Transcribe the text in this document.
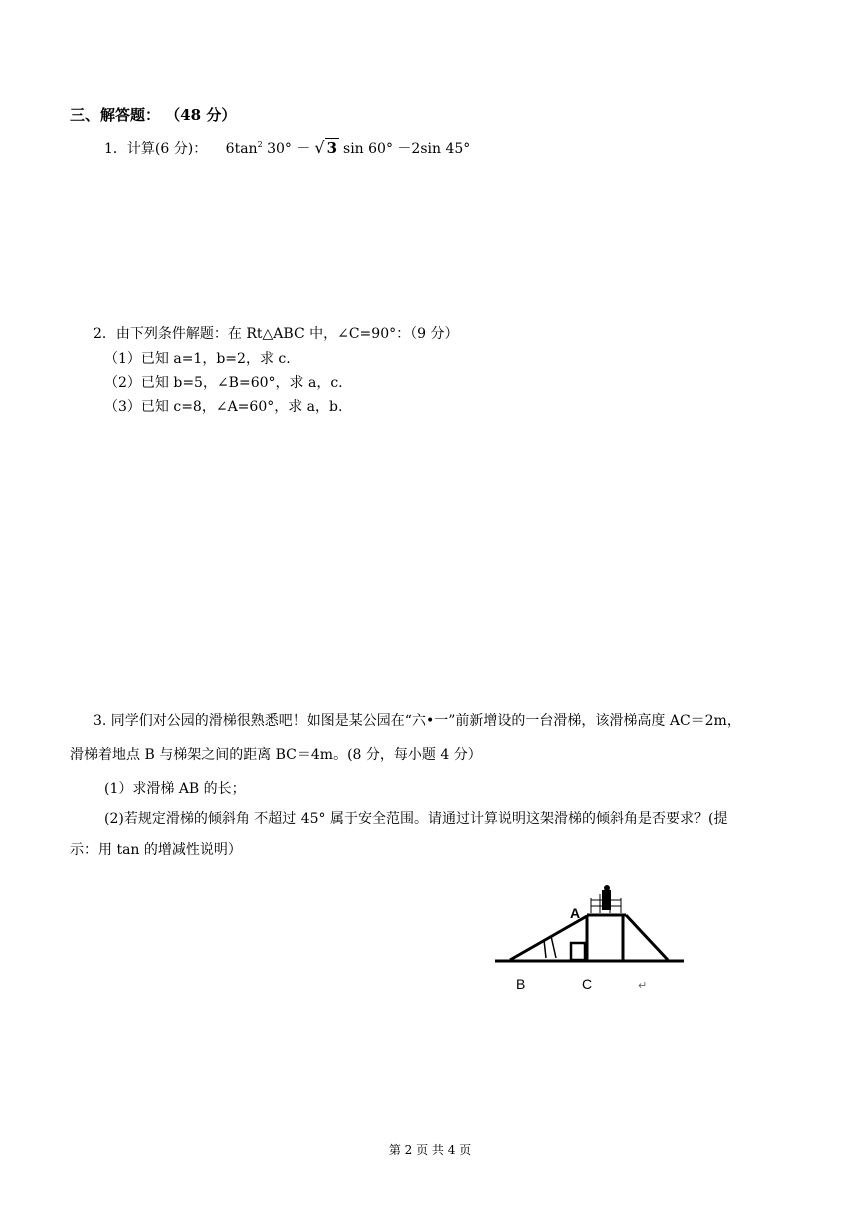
三、解答题： （48 分）
1．计算(6 分)： $6\tan^2$ 30° － √ 3 sin 60° －2sin 45°
2．由下列条件解题：在 Rt△ABC 中，∠C=90°：（9 分）
（1）已知 a=1，b=2，求 c.
（2）已知 b=5，∠B=60°，求 a，c.
（3）已知 c=8，∠A=60°，求 a，b.
3. 同学们对公园的滑梯很熟悉吧！如图是某公园在“六•一”前新增设的一台滑梯，该滑梯高度 AC＝2m，
滑梯着地点 B 与梯架之间的距离 BC＝4m。(8 分，每小题 4 分）
(1）求滑梯 AB 的长；
(2)若规定滑梯的倾斜角 不超过 45° 属于安全范围。请通过计算说明这架滑梯的倾斜角是否要求？(提
示：用 tan 的增减性说明）
A
B	C	↵
第 2 页 共 4 页
